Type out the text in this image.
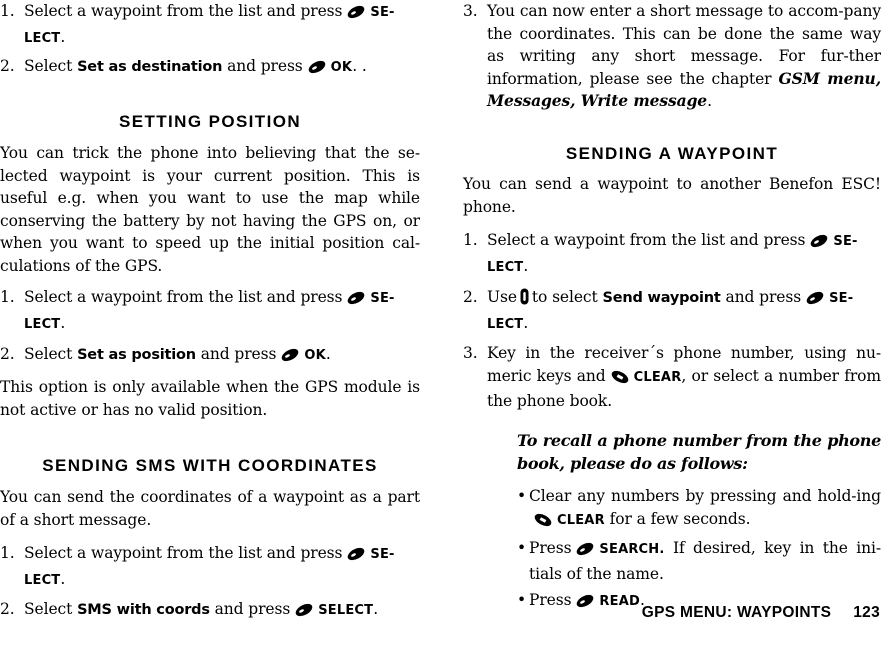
1. Select a waypoint from the list and press SE-
LECT.
2. Select Set as destination and press OK. .
SETTING POSITION

You can trick the phone into believing that the se-lected waypoint is your current position. This is useful e.g. when you want to use the map while conserving the battery by not having the GPS on, or when you want to speed up the initial position cal-culations of the GPS.

1. Select a waypoint from the list and press SE-
LECT.
2. Select Set as position and press OK.

This option is only available when the GPS module is not active or has no valid position.

SENDING SMS WITH COORDINATES

You can send the coordinates of a waypoint as a part of a short message.

1. Select a waypoint from the list and press SE-
LECT.
2. Select SMS with coords and press SELECT.
3. You can now enter a short message to accom-pany the coordinates. This can be done the same way as writing any short message. For fur-ther information, please see the chapter GSM menu, Messages, Write message.
SENDING A WAYPOINT

You can send a waypoint to another Benefon ESC! phone.

1. Select a waypoint from the list and press SE-
LECT.
2. Use to select Send waypoint and press SE-
LECT.
3. Key in the receiver´s phone number, using nu-meric keys and CLEAR, or select a number from the phone book.

To recall a phone number from the phone book, please do as follows:

• Clear any numbers by pressing and hold-ingCLEAR for a few seconds.
• Press SEARCH. If desired, key in the ini-tials of the name.
• Press READ.
GPS MENU: WAYPOINTS 123
